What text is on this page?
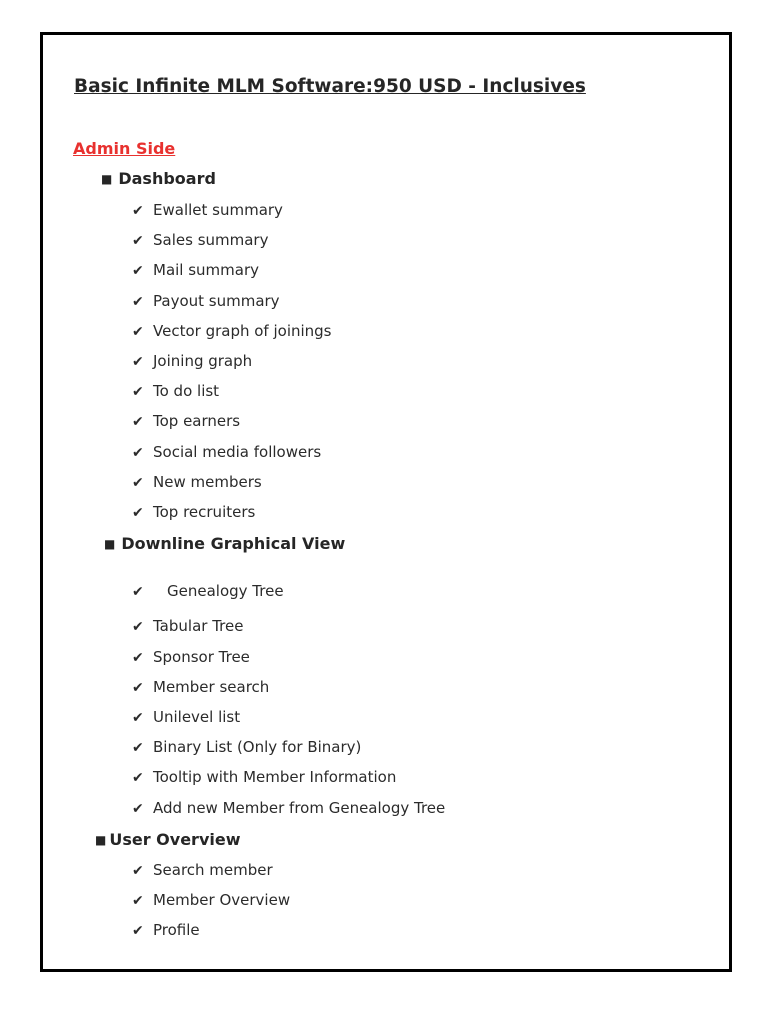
Basic Infinite MLM Software:950 USD - Inclusives
Admin Side
■ Dashboard
✔ Ewallet summary
✔ Sales summary
✔ Mail summary
✔ Payout summary
✔ Vector graph of joinings
✔ Joining graph
✔ To do list
✔ Top earners
✔ Social media followers
✔ New members
✔ Top recruiters
■ Downline Graphical View
✔ Genealogy Tree
✔ Tabular Tree
✔ Sponsor Tree
✔ Member search
✔ Unilevel list
✔ Binary List (Only for Binary)
✔ Tooltip with Member Information
✔ Add new Member from Genealogy Tree
■ User Overview
✔ Search member
✔ Member Overview
✔ Profile
